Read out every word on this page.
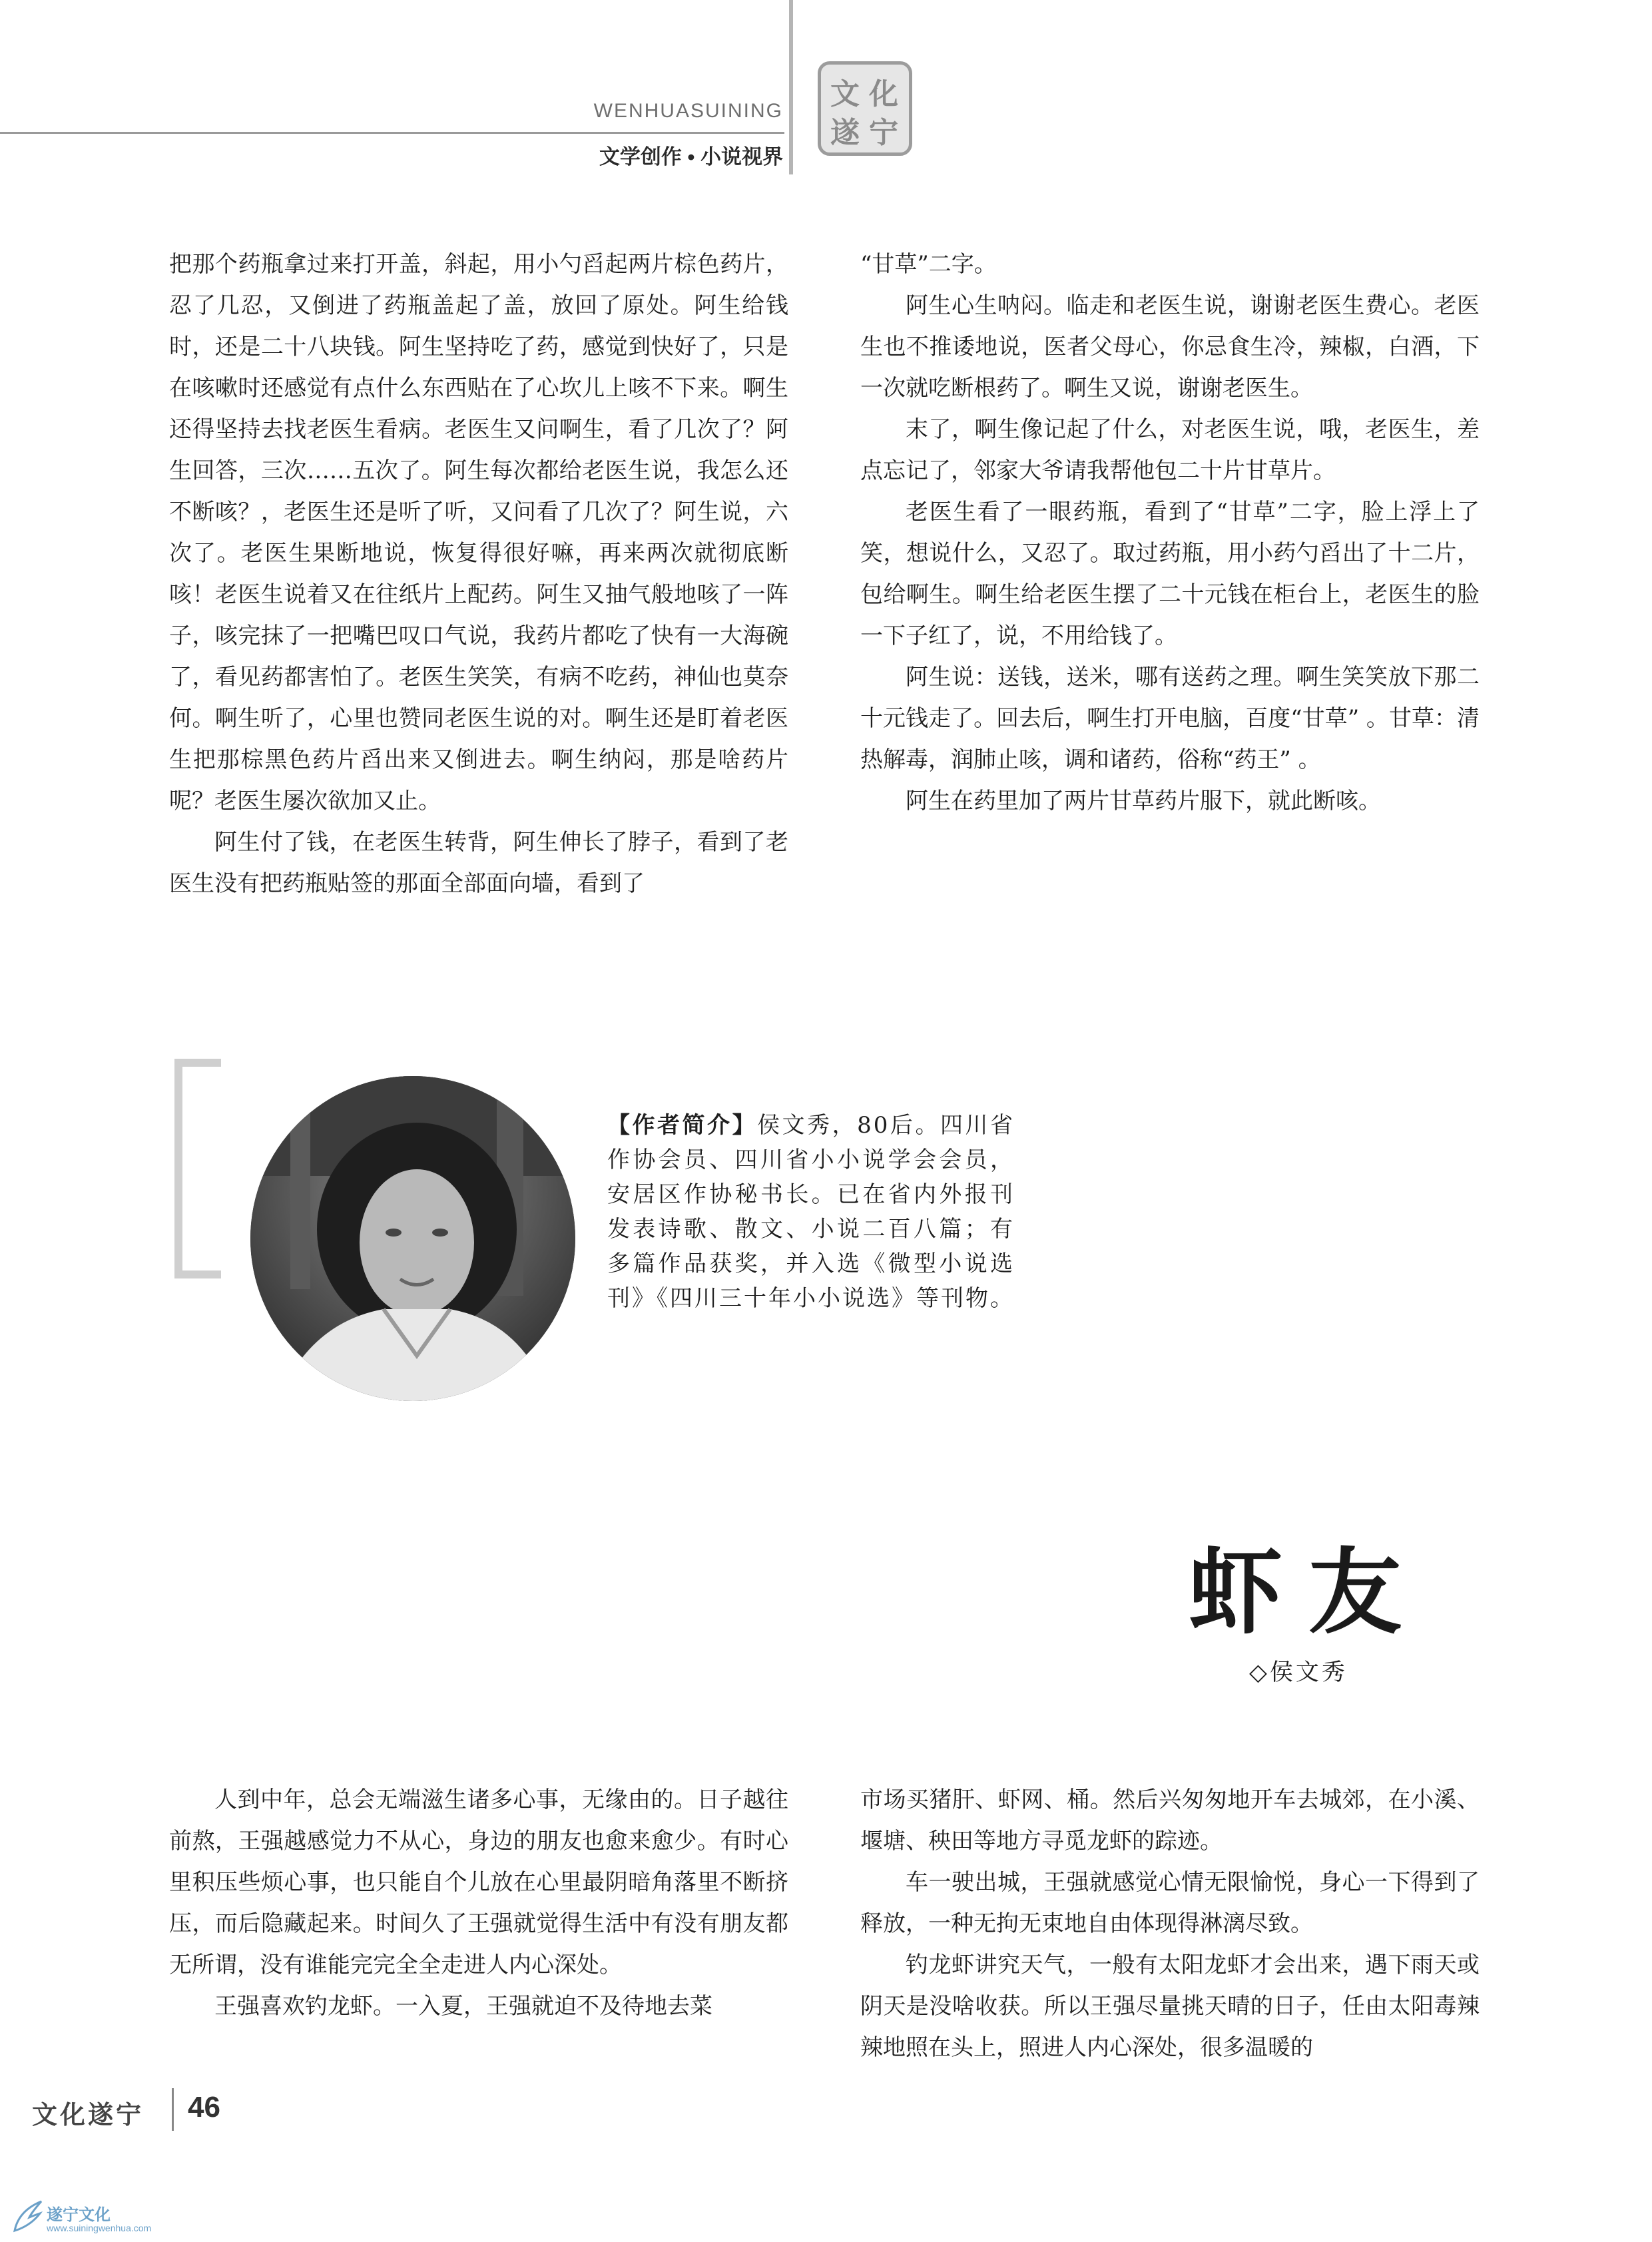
WENHUASUINING
文学创作 • 小说视界
文 化
遂 宁

把那个药瓶拿过来打开盖，斜起，用小勺舀起两片棕色药片，忍了几忍，又倒进了药瓶盖起了盖，放回了原处。阿生给钱时，还是二十八块钱。阿生坚持吃了药，感觉到快好了，只是在咳嗽时还感觉有点什么东西贴在了心坎儿上咳不下来。啊生还得坚持去找老医生看病。老医生又问啊生，看了几次了？阿生回答，三次……五次了。阿生每次都给老医生说，我怎么还不断咳？，老医生还是听了听，又问看了几次了？阿生说，六次了。老医生果断地说，恢复得很好嘛，再来两次就彻底断咳！老医生说着又在往纸片上配药。阿生又抽气般地咳了一阵子，咳完抹了一把嘴巴叹口气说，我药片都吃了快有一大海碗了，看见药都害怕了。老医生笑笑，有病不吃药，神仙也莫奈何。啊生听了，心里也赞同老医生说的对。啊生还是盯着老医生把那棕黑色药片舀出来又倒进去。啊生纳闷，那是啥药片呢？老医生屡次欲加又止。

阿生付了钱，在老医生转背，阿生伸长了脖子，看到了老医生没有把药瓶贴签的那面全部面向墙，看到了

“甘草”二字。

阿生心生呐闷。临走和老医生说，谢谢老医生费心。老医生也不推诿地说，医者父母心，你忌食生冷，辣椒，白酒，下一次就吃断根药了。啊生又说，谢谢老医生。

末了，啊生像记起了什么，对老医生说，哦，老医生，差点忘记了，邻家大爷请我帮他包二十片甘草片。

老医生看了一眼药瓶，看到了“甘草”二字，脸上浮上了笑，想说什么，又忍了。取过药瓶，用小药勺舀出了十二片，包给啊生。啊生给老医生摆了二十元钱在柜台上，老医生的脸一下子红了，说，不用给钱了。

阿生说：送钱，送米，哪有送药之理。啊生笑笑放下那二十元钱走了。回去后，啊生打开电脑，百度“甘草” 。甘草：清热解毒，润肺止咳，调和诸药，俗称“药王” 。

阿生在药里加了两片甘草药片服下，就此断咳。

【作者简介】侯文秀，80后。四川省作协会员、四川省小小说学会会员，安居区作协秘书长。已在省内外报刊发表诗歌、散文、小说二百八篇；有多篇作品获奖，并入选《微型小说选刊》《四川三十年小小说选》等刊物。
虾友
◇侯文秀

人到中年，总会无端滋生诸多心事，无缘由的。日子越往前熬，王强越感觉力不从心，身边的朋友也愈来愈少。有时心里积压些烦心事，也只能自个儿放在心里最阴暗角落里不断挤压，而后隐藏起来。时间久了王强就觉得生活中有没有朋友都无所谓，没有谁能完完全全走进人内心深处。

王强喜欢钓龙虾。一入夏，王强就迫不及待地去菜

市场买猪肝、虾网、桶。然后兴匆匆地开车去城郊，在小溪、堰塘、秧田等地方寻觅龙虾的踪迹。

车一驶出城，王强就感觉心情无限愉悦，身心一下得到了释放，一种无拘无束地自由体现得淋漓尽致。

钓龙虾讲究天气，一般有太阳龙虾才会出来，遇下雨天或阴天是没啥收获。所以王强尽量挑天晴的日子，任由太阳毒辣辣地照在头上，照进人内心深处，很多温暖的

文化遂宁 46
遂宁文化
www.suiningwenhua.com
